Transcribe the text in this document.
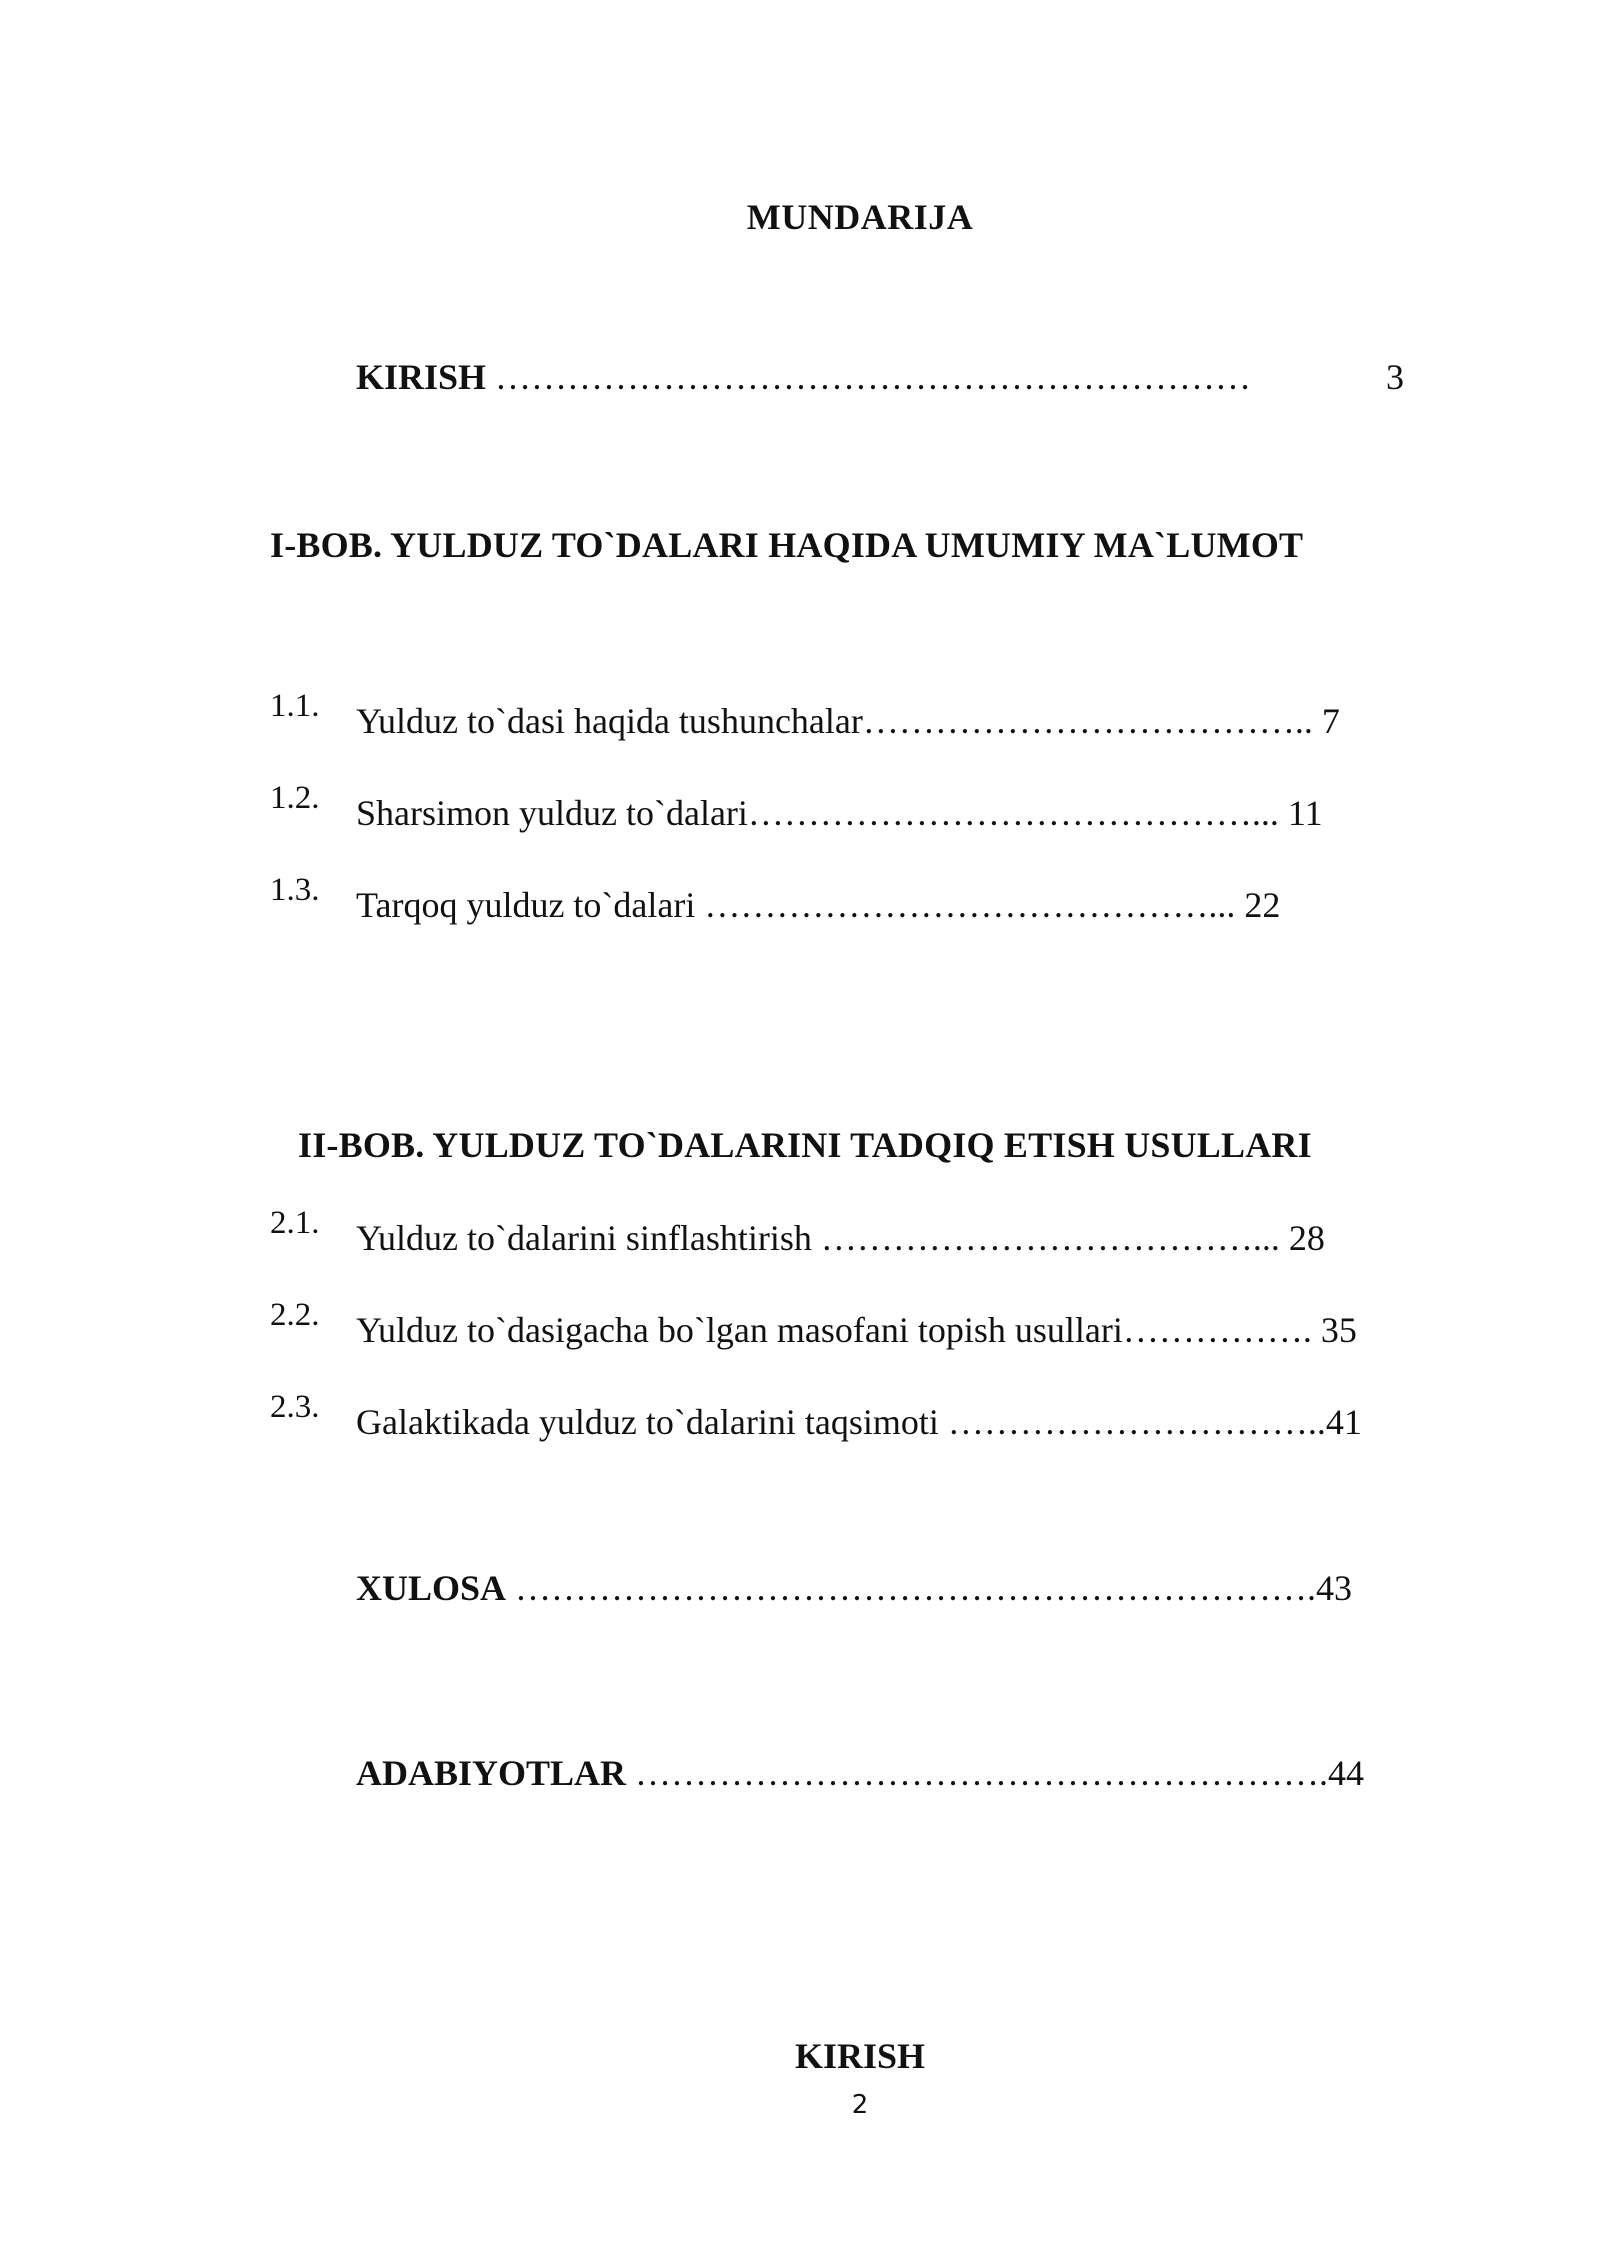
MUNDARIJA
KIRISH ………………………………………………………	3
I-BOB. YULDUZ TO`DALARI HAQIDA UMUMIY MA`LUMOT
1.1. Yulduz to`dasi haqida tushunchalar……………………………….. 7
1.2. Sharsimon yulduz to`dalari……………………………………... 11
1.3. Tarqoq yulduz to`dalari ……………………………………... 22
II-BOB. YULDUZ TO`DALARINI TADQIQ ETISH USULLARI
2.1. Yulduz to`dalarini sinflashtirish ………………………………... 28
2.2. Yulduz to`dasigacha bo`lgan masofani topish usullari……………. 35
2.3. Galaktikada yulduz to`dalarini taqsimoti …………………………..41
XULOSA ………………………………………………………….43
ADABIYOTLAR ………………………………………………….44
KIRISH
2
